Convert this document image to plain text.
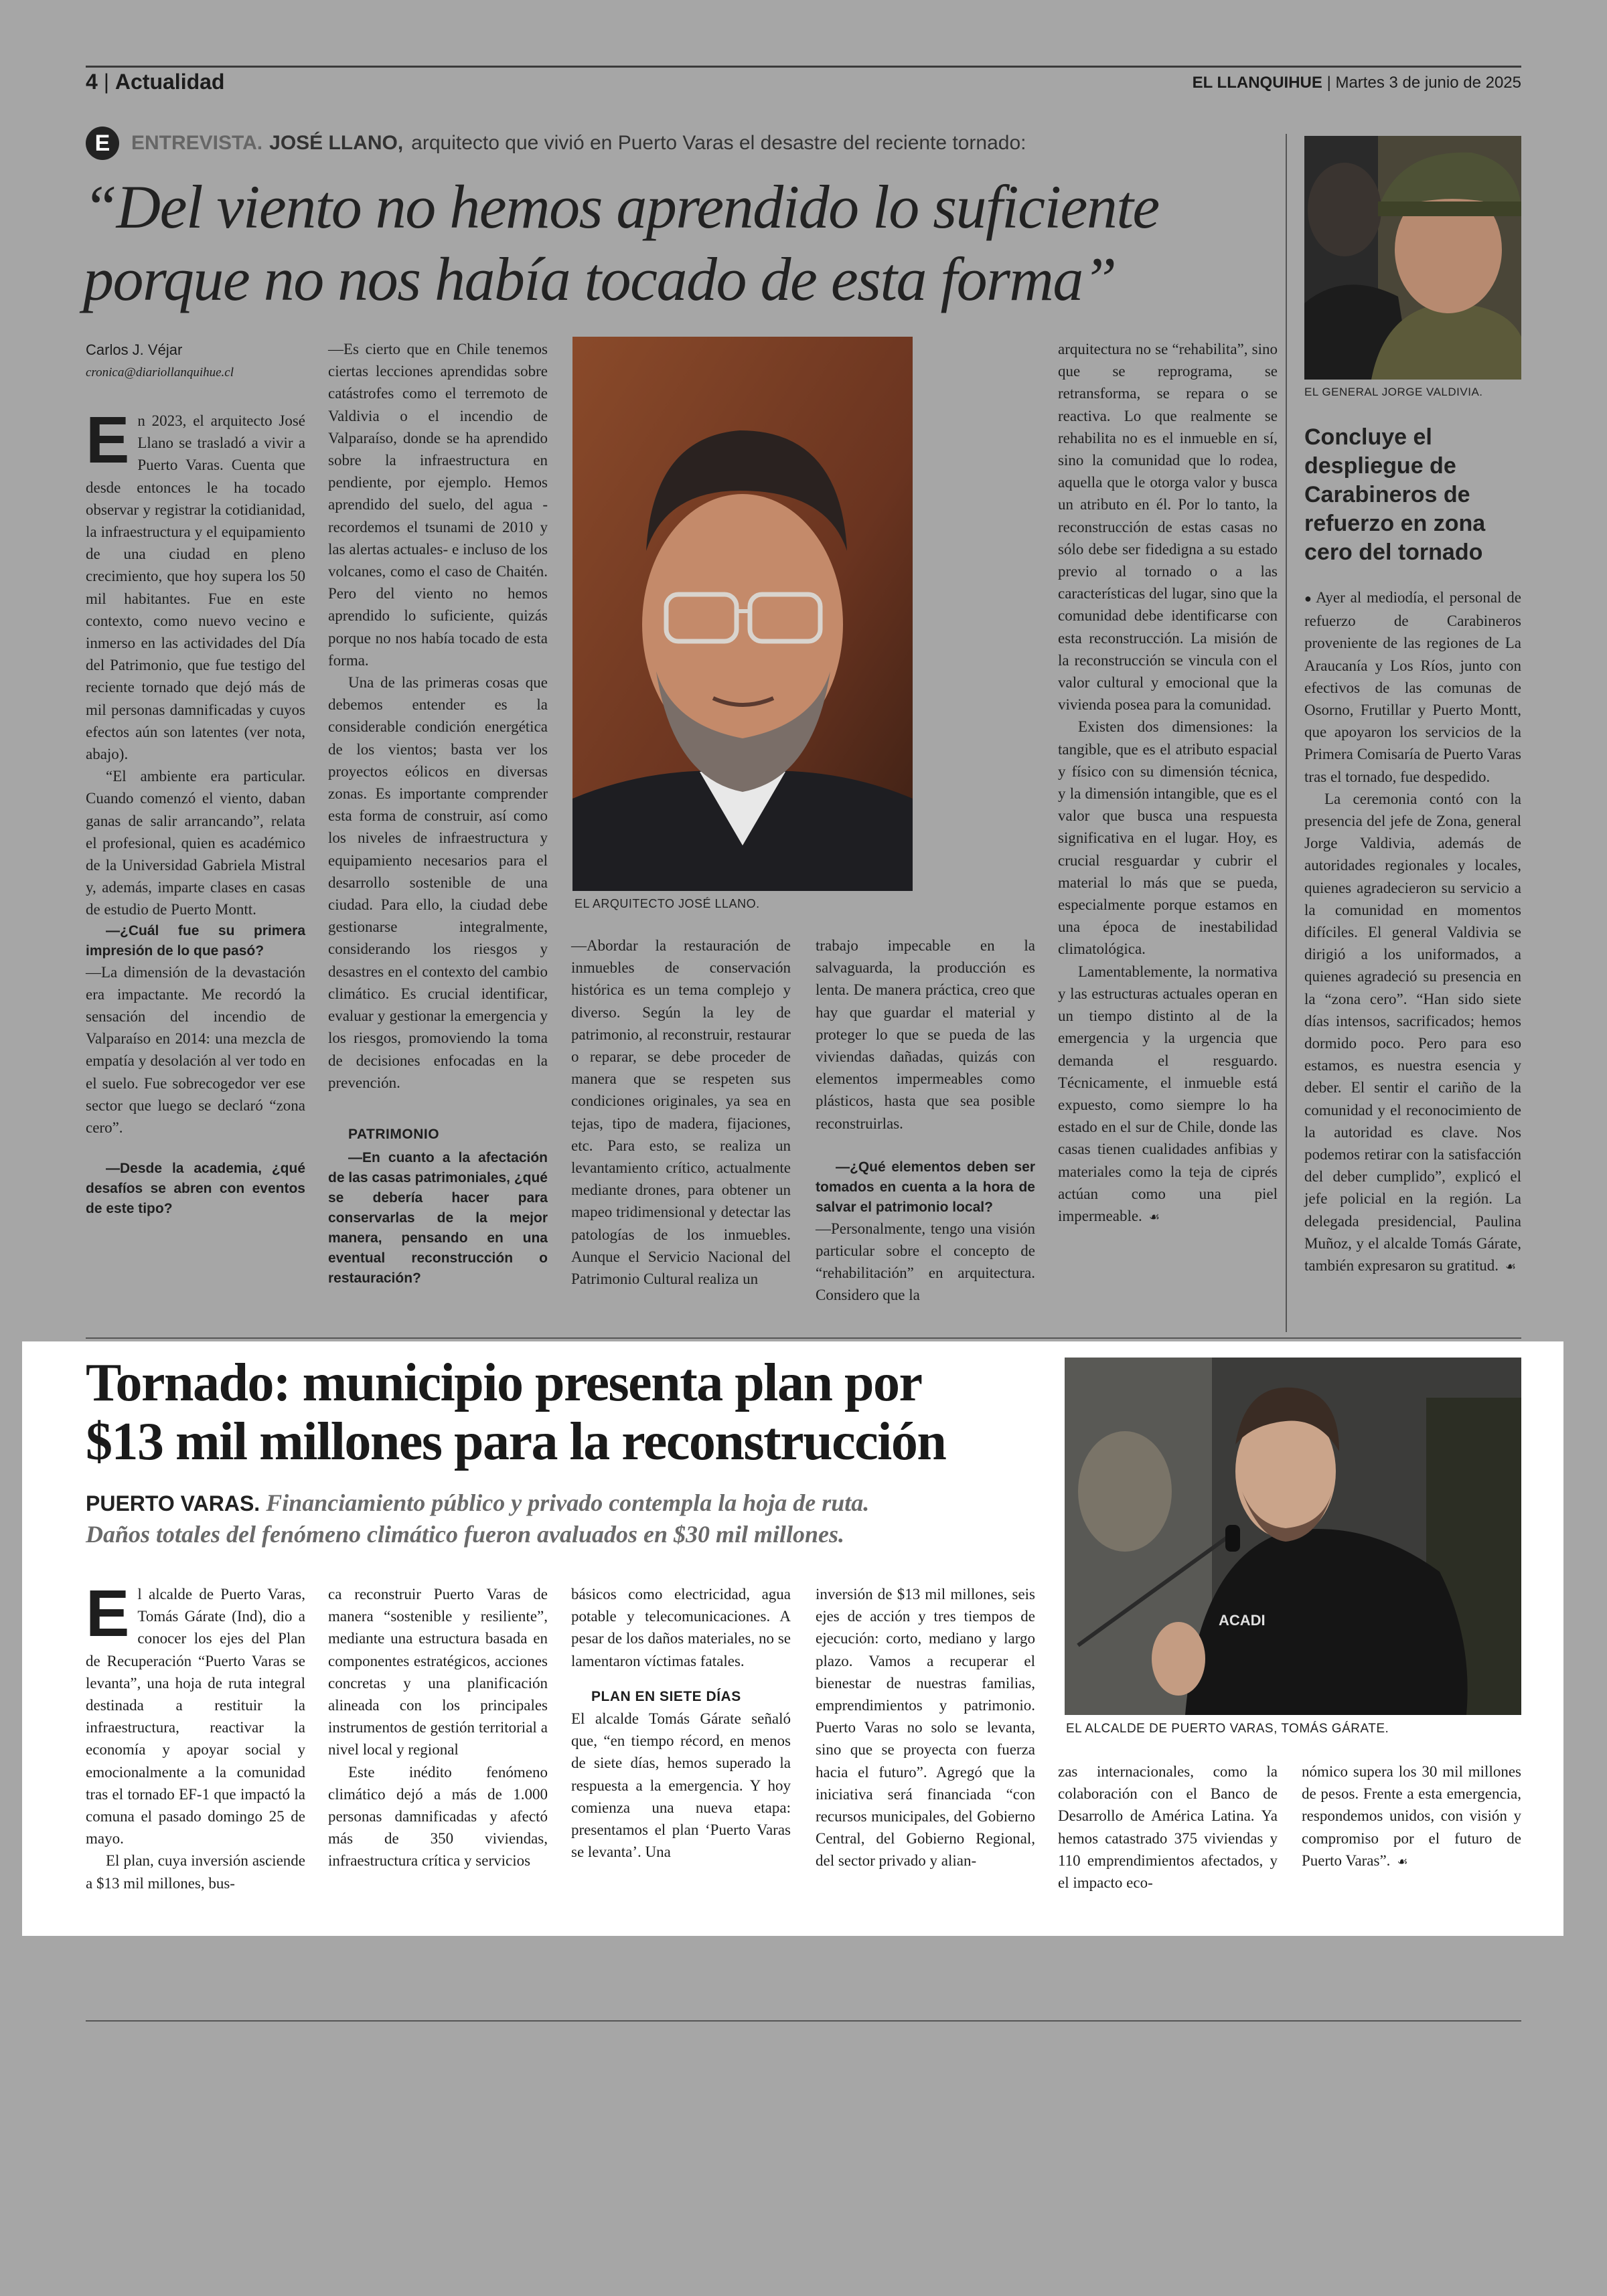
4 | Actualidad	EL LLANQUIHUE | Martes 3 de junio de 2025
E ENTREVISTA. JOSÉ LLANO, arquitecto que vivió en Puerto Varas el desastre del reciente tornado:
“Del viento no hemos aprendido lo suficiente
porque no nos había tocado de esta forma”
Carlos J. Véjar
cronica@diariollanquihue.cl

En 2023, el arquitecto José Llano se trasladó a vivir a Puerto Varas. Cuenta que desde entonces le ha tocado observar y registrar la cotidianidad, la infraestructura y el equipamiento de una ciudad en pleno crecimiento, que hoy supera los 50 mil habitantes. Fue en este contexto, como nuevo vecino e inmerso en las actividades del Día del Patrimonio, que fue testigo del reciente tornado que dejó más de mil personas damnificadas y cuyos efectos aún son latentes (ver nota, abajo).

“El ambiente era particular. Cuando comenzó el viento, daban ganas de salir arrancando”, relata el profesional, quien es académico de la Universidad Gabriela Mistral y, además, imparte clases en casas de estudio de Puerto Montt.

—¿Cuál fue su primera impresión de lo que pasó?

—La dimensión de la devastación era impactante. Me recordó la sensación del incendio de Valparaíso en 2014: una mezcla de empatía y desolación al ver todo en el suelo. Fue sobrecogedor ver ese sector que luego se declaró “zona cero”.

—Desde la academia, ¿qué desafíos se abren con eventos de este tipo?

—Es cierto que en Chile tenemos ciertas lecciones aprendidas sobre catástrofes como el terremoto de Valdivia o el incendio de Valparaíso, donde se ha aprendido sobre la infraestructura en pendiente, por ejemplo. Hemos aprendido del suelo, del agua -recordemos el tsunami de 2010 y las alertas actuales- e incluso de los volcanes, como el caso de Chaitén. Pero del viento no hemos aprendido lo suficiente, quizás porque no nos había tocado de esta forma.

Una de las primeras cosas que debemos entender es la considerable condición energética de los vientos; basta ver los proyectos eólicos en diversas zonas. Es importante comprender esta forma de construir, así como los niveles de infraestructura y equipamiento necesarios para el desarrollo sostenible de una ciudad. Para ello, la ciudad debe gestionarse integralmente, considerando los riesgos y desastres en el contexto del cambio climático. Es crucial identificar, evaluar y gestionar la emergencia y los riesgos, promoviendo la toma de decisiones enfocadas en la prevención.

PATRIMONIO

—En cuanto a la afectación de las casas patrimoniales, ¿qué se debería hacer para conservarlas de la mejor manera, pensando en una eventual reconstrucción o restauración?

EL ARQUITECTO JOSÉ LLANO.

—Abordar la restauración de inmuebles de conservación histórica es un tema complejo y diverso. Según la ley de patrimonio, al reconstruir, restaurar o reparar, se debe proceder de manera que se respeten sus condiciones originales, ya sea en tejas, tipo de madera, fijaciones, etc. Para esto, se realiza un levantamiento crítico, actualmente mediante drones, para obtener un mapeo tridimensional y detectar las patologías de los inmuebles. Aunque el Servicio Nacional del Patrimonio Cultural realiza un

trabajo impecable en la salvaguarda, la producción es lenta. De manera práctica, creo que hay que guardar el material y proteger lo que se pueda de las viviendas dañadas, quizás con elementos impermeables como plásticos, hasta que sea posible reconstruirlas.

—¿Qué elementos deben ser tomados en cuenta a la hora de salvar el patrimonio local?

—Personalmente, tengo una visión particular sobre el concepto de “rehabilitación” en arquitectura. Considero que la

arquitectura no se “rehabilita”, sino que se reprograma, se retransforma, se repara o se reactiva. Lo que realmente se rehabilita no es el inmueble en sí, sino la comunidad que lo rodea, aquella que le otorga valor y busca un atributo en él. Por lo tanto, la reconstrucción de estas casas no sólo debe ser fidedigna a su estado previo al tornado o a las características del lugar, sino que la comunidad debe identificarse con esta reconstrucción. La misión de la reconstrucción se vincula con el valor cultural y emocional que la vivienda posea para la comunidad.

Existen dos dimensiones: la tangible, que es el atributo espacial y físico con su dimensión técnica, y la dimensión intangible, que es el valor que busca una respuesta significativa en el lugar. Hoy, es crucial resguardar y cubrir el material lo más que se pueda, especialmente porque estamos en una época de inestabilidad climatológica.

Lamentablemente, la normativa y las estructuras actuales operan en un tiempo distinto al de la emergencia y la urgencia que demanda el resguardo. Técnicamente, el inmueble está expuesto, como siempre lo ha estado en el sur de Chile, donde las casas tienen cualidades anfibias y materiales como la teja de ciprés actúan como una piel impermeable. ☙

EL GENERAL JORGE VALDIVIA.
Concluye el despliegue de Carabineros de refuerzo en zona cero del tornado

● Ayer al mediodía, el personal de refuerzo de Carabineros proveniente de las regiones de La Araucanía y Los Ríos, junto con efectivos de las comunas de Osorno, Frutillar y Puerto Montt, que apoyaron los servicios de la Primera Comisaría de Puerto Varas tras el tornado, fue despedido.

La ceremonia contó con la presencia del jefe de Zona, general Jorge Valdivia, además de autoridades regionales y locales, quienes agradecieron su servicio a la comunidad en momentos difíciles. El general Valdivia se dirigió a los uniformados, a quienes agradeció su presencia en la “zona cero”. “Han sido siete días intensos, sacrificados; hemos dormido poco. Pero para eso estamos, es nuestra esencia y deber. El sentir el cariño de la comunidad y el reconocimiento de la autoridad es clave. Nos podemos retirar con la satisfacción del deber cumplido”, explicó el jefe policial en la región. La delegada presidencial, Paulina Muñoz, y el alcalde Tomás Gárate, también expresaron su gratitud. ☙

Tornado: municipio presenta plan por
$13 mil millones para la reconstrucción
PUERTO VARAS. Financiamiento público y privado contempla la hoja de ruta.
Daños totales del fenómeno climático fueron avaluados en $30 mil millones.
ACADI
EL ALCALDE DE PUERTO VARAS, TOMÁS GÁRATE.

El alcalde de Puerto Varas, Tomás Gárate (Ind), dio a conocer los ejes del Plan de Recuperación “Puerto Varas se levanta”, una hoja de ruta integral destinada a restituir la infraestructura, reactivar la economía y apoyar social y emocionalmente a la comunidad tras el tornado EF-1 que impactó la comuna el pasado domingo 25 de mayo.

El plan, cuya inversión asciende a $13 mil millones, bus-

ca reconstruir Puerto Varas de manera “sostenible y resiliente”, mediante una estructura basada en componentes estratégicos, acciones concretas y una planificación alineada con los principales instrumentos de gestión territorial a nivel local y regional

Este inédito fenómeno climático dejó a más de 1.000 personas damnificadas y afectó más de 350 viviendas, infraestructura crítica y servicios

básicos como electricidad, agua potable y telecomunicaciones. A pesar de los daños materiales, no se lamentaron víctimas fatales.

PLAN EN SIETE DÍAS

El alcalde Tomás Gárate señaló que, “en tiempo récord, en menos de siete días, hemos superado la respuesta a la emergencia. Y hoy comienza una nueva etapa: presentamos el plan ‘Puerto Varas se levanta’. Una

inversión de $13 mil millones, seis ejes de acción y tres tiempos de ejecución: corto, mediano y largo plazo. Vamos a recuperar el bienestar de nuestras familias, emprendimientos y patrimonio. Puerto Varas no solo se levanta, sino que se proyecta con fuerza hacia el futuro”. Agregó que la iniciativa será financiada “con recursos municipales, del Gobierno Central, del Gobierno Regional, del sector privado y alian-

zas internacionales, como la colaboración con el Banco de Desarrollo de América Latina. Ya hemos catastrado 375 viviendas y 110 emprendimientos afectados, y el impacto eco-

nómico supera los 30 mil millones de pesos. Frente a esta emergencia, respondemos unidos, con visión y compromiso por el futuro de Puerto Varas”. ☙
